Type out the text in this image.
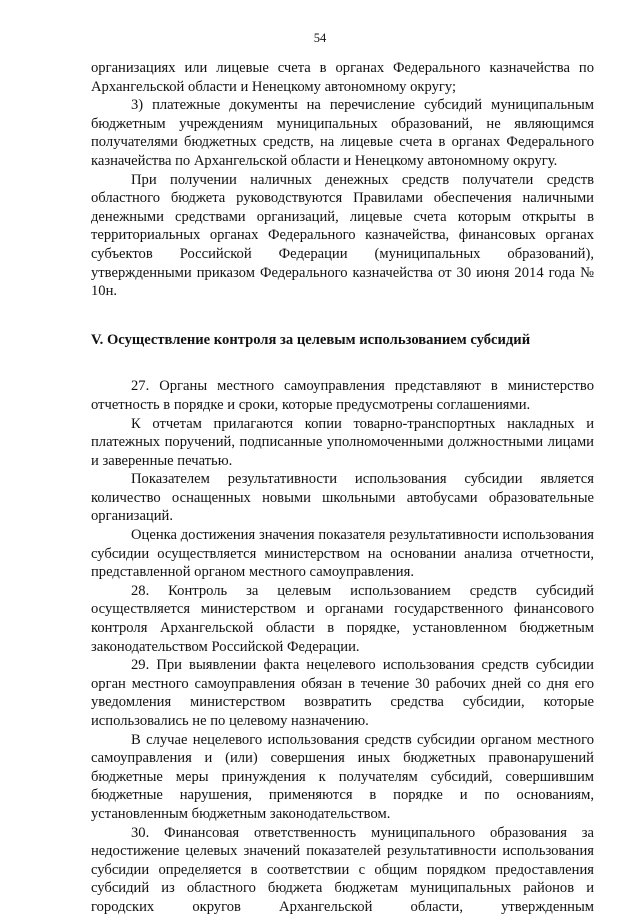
54

организациях или лицевые счета в органах Федерального казначейства по Архангельской области и Ненецкому автономному округу;

3) платежные документы на перечисление субсидий муниципальным бюджетным учреждениям муниципальных образований, не являющимся получателями бюджетных средств, на лицевые счета в органах Федерального казначейства по Архангельской области и Ненецкому автономному округу.

При получении наличных денежных средств получатели средств областного бюджета руководствуются Правилами обеспечения наличными денежными средствами организаций, лицевые счета которым открыты в территориальных органах Федерального казначейства, финансовых органах субъектов Российской Федерации (муниципальных образований), утвержденными приказом Федерального казначейства от 30 июня 2014 года № 10н.

V. Осуществление контроля за целевым использованием субсидий

27. Органы местного самоуправления представляют в министерство отчетность в порядке и сроки, которые предусмотрены соглашениями.

К отчетам прилагаются копии товарно-транспортных накладных и платежных поручений, подписанные уполномоченными должностными лицами и заверенные печатью.

Показателем результативности использования субсидии является количество оснащенных новыми школьными автобусами образовательные организаций.

Оценка достижения значения показателя результативности использования субсидии осуществляется министерством на основании анализа отчетности, представленной органом местного самоуправления.

28. Контроль за целевым использованием средств субсидий осуществляется министерством и органами государственного финансового контроля Архангельской области в порядке, установленном бюджетным законодательством Российской Федерации.

29. При выявлении факта нецелевого использования средств субсидии орган местного самоуправления обязан в течение 30 рабочих дней со дня его уведомления министерством возвратить средства субсидии, которые использовались не по целевому назначению.

В случае нецелевого использования средств субсидии органом местного самоуправления и (или) совершения иных бюджетных правонарушений бюджетные меры принуждения к получателям субсидий, совершившим бюджетные нарушения, применяются в порядке и по основаниям, установленным бюджетным законодательством.

30. Финансовая ответственность муниципального образования за недостижение целевых значений показателей результативности использования субсидии определяется в соответствии с общим порядком предоставления субсидий из областного бюджета бюджетам муниципальных районов и городских округов Архангельской области, утвержденным
